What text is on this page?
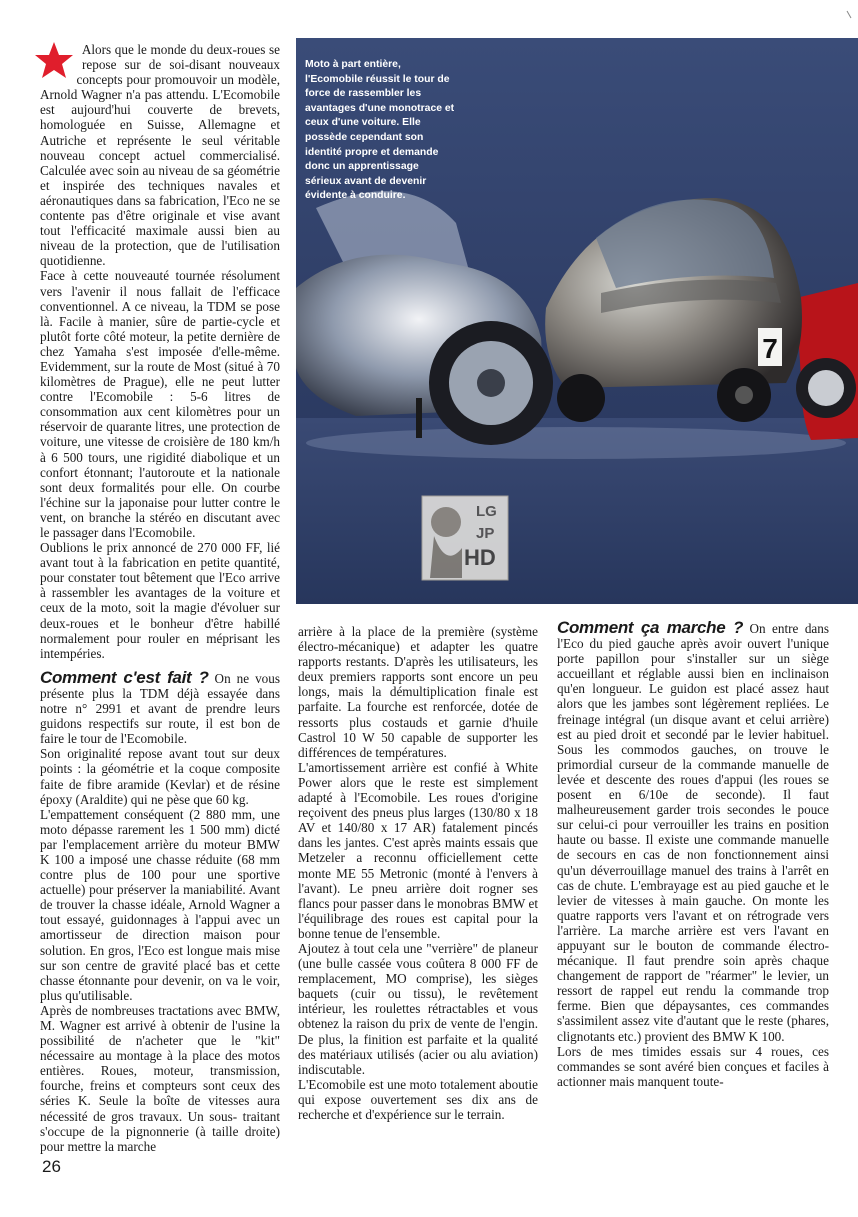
7
LG
JP
HD
Moto à part entière, l'Ecomobile réussit le tour de force de rassembler les avantages d'une monotrace et ceux d'une voiture. Elle possède cependant son identité propre et demande donc un apprentissage sérieux avant de devenir évidente à conduire.

Alors que le monde du deux-roues se repose sur de soi-disant nouveaux concepts pour promouvoir un modèle, Arnold Wagner n'a pas attendu. L'Ecomobile est aujourd'hui couverte de brevets, homologuée en Suisse, Allemagne et Autriche et représente le seul véritable nouveau concept actuel commercialisé. Calculée avec soin au niveau de sa géométrie et inspirée des techniques navales et aéronautiques dans sa fabrication, l'Eco ne se contente pas d'être originale et vise avant tout l'efficacité maximale aussi bien au niveau de la protection, que de l'utilisation quotidienne.

Face à cette nouveauté tournée résolument vers l'avenir il nous fallait de l'efficace conventionnel. A ce niveau, la TDM se pose là. Facile à manier, sûre de partie-cycle et plutôt forte côté moteur, la petite dernière de chez Yamaha s'est imposée d'elle-même. Evidemment, sur la route de Most (situé à 70 kilomètres de Prague), elle ne peut lutter contre l'Ecomobile : 5-6 litres de consommation aux cent kilomètres pour un réservoir de quarante litres, une protection de voiture, une vitesse de croisière de 180 km/h à 6 500 tours, une rigidité diabolique et un confort étonnant; l'autoroute et la nationale sont deux formalités pour elle. On courbe l'échine sur la japonaise pour lutter contre le vent, on branche la stéréo en discutant avec le passager dans l'Ecomobile.

Oublions le prix annoncé de 270 000 FF, lié avant tout à la fabrication en petite quantité, pour constater tout bêtement que l'Eco arrive à rassembler les avantages de la voiture et ceux de la moto, soit la magie d'évoluer sur deux-roues et le bonheur d'être habillé normalement pour rouler en méprisant les intempéries.

Comment c'est fait ? On ne vous présente plus la TDM déjà essayée dans notre n° 2991 et avant de prendre leurs guidons respectifs sur route, il est bon de faire le tour de l'Ecomobile.

Son originalité repose avant tout sur deux points : la géométrie et la coque composite faite de fibre aramide (Kevlar) et de résine époxy (Araldite) qui ne pèse que 60 kg.

L'empattement conséquent (2 880 mm, une moto dépasse rarement les 1 500 mm) dicté par l'emplacement arrière du moteur BMW K 100 a imposé une chasse réduite (68 mm contre plus de 100 pour une sportive actuelle) pour préserver la maniabilité. Avant de trouver la chasse idéale, Arnold Wagner a tout essayé, guidonnages à l'appui avec un amortisseur de direction maison pour solution. En gros, l'Eco est longue mais mise sur son centre de gravité placé bas et cette chasse étonnante pour devenir, on va le voir, plus qu'utilisable.

Après de nombreuses tractations avec BMW, M. Wagner est arrivé à obtenir de l'usine la possibilité de n'acheter que le "kit" nécessaire au montage à la place des motos entières. Roues, moteur, transmission, fourche, freins et compteurs sont ceux des séries K. Seule la boîte de vitesses aura nécessité de gros travaux. Un sous- traitant s'occupe de la pignonnerie (à taille droite) pour mettre la marche

arrière à la place de la première (système électro-mécanique) et adapter les quatre rapports restants. D'après les utilisateurs, les deux premiers rapports sont encore un peu longs, mais la démultiplication finale est parfaite. La fourche est renforcée, dotée de ressorts plus costauds et garnie d'huile Castrol 10 W 50 capable de supporter les différences de températures.

L'amortissement arrière est confié à White Power alors que le reste est simplement adapté à l'Ecomobile. Les roues d'origine reçoivent des pneus plus larges (130/80 x 18 AV et 140/80 x 17 AR) fatalement pincés dans les jantes. C'est après maints essais que Metzeler a reconnu officiellement cette monte ME 55 Metronic (monté à l'envers à l'avant). Le pneu arrière doit rogner ses flancs pour passer dans le monobras BMW et l'équilibrage des roues est capital pour la bonne tenue de l'ensemble.

Ajoutez à tout cela une "verrière" de planeur (une bulle cassée vous coûtera 8 000 FF de remplacement, MO comprise), les sièges baquets (cuir ou tissu), le revêtement intérieur, les roulettes rétractables et vous obtenez la raison du prix de vente de l'engin. De plus, la finition est parfaite et la qualité des matériaux utilisés (acier ou alu aviation) indiscutable.

L'Ecomobile est une moto totalement aboutie qui expose ouvertement ses dix ans de recherche et d'expérience sur le terrain.

Comment ça marche ? On entre dans l'Eco du pied gauche après avoir ouvert l'unique porte papillon pour s'installer sur un siège accueillant et réglable aussi bien en inclinaison qu'en longueur. Le guidon est placé assez haut alors que les jambes sont légèrement repliées. Le freinage intégral (un disque avant et celui arrière) est au pied droit et secondé par le levier habituel. Sous les commodos gauches, on trouve le primordial curseur de la commande manuelle de levée et descente des roues d'appui (les roues se posent en 6/10e de seconde). Il faut malheureusement garder trois secondes le pouce sur celui-ci pour verrouiller les trains en position haute ou basse. Il existe une commande manuelle de secours en cas de non fonctionnement ainsi qu'un déverrouillage manuel des trains à l'arrêt en cas de chute. L'embrayage est au pied gauche et le levier de vitesses à main gauche. On monte les quatre rapports vers l'avant et on rétrograde vers l'arrière. La marche arrière est vers l'avant en appuyant sur le bouton de commande électro-mécanique. Il faut prendre soin après chaque changement de rapport de "réarmer" le levier, un ressort de rappel eut rendu la commande trop ferme. Bien que dépaysantes, ces commandes s'assimilent assez vite d'autant que le reste (phares, clignotants etc.) provient des BMW K 100.

Lors de mes timides essais sur 4 roues, ces commandes se sont avéré bien conçues et faciles à actionner mais manquent toute-

26
